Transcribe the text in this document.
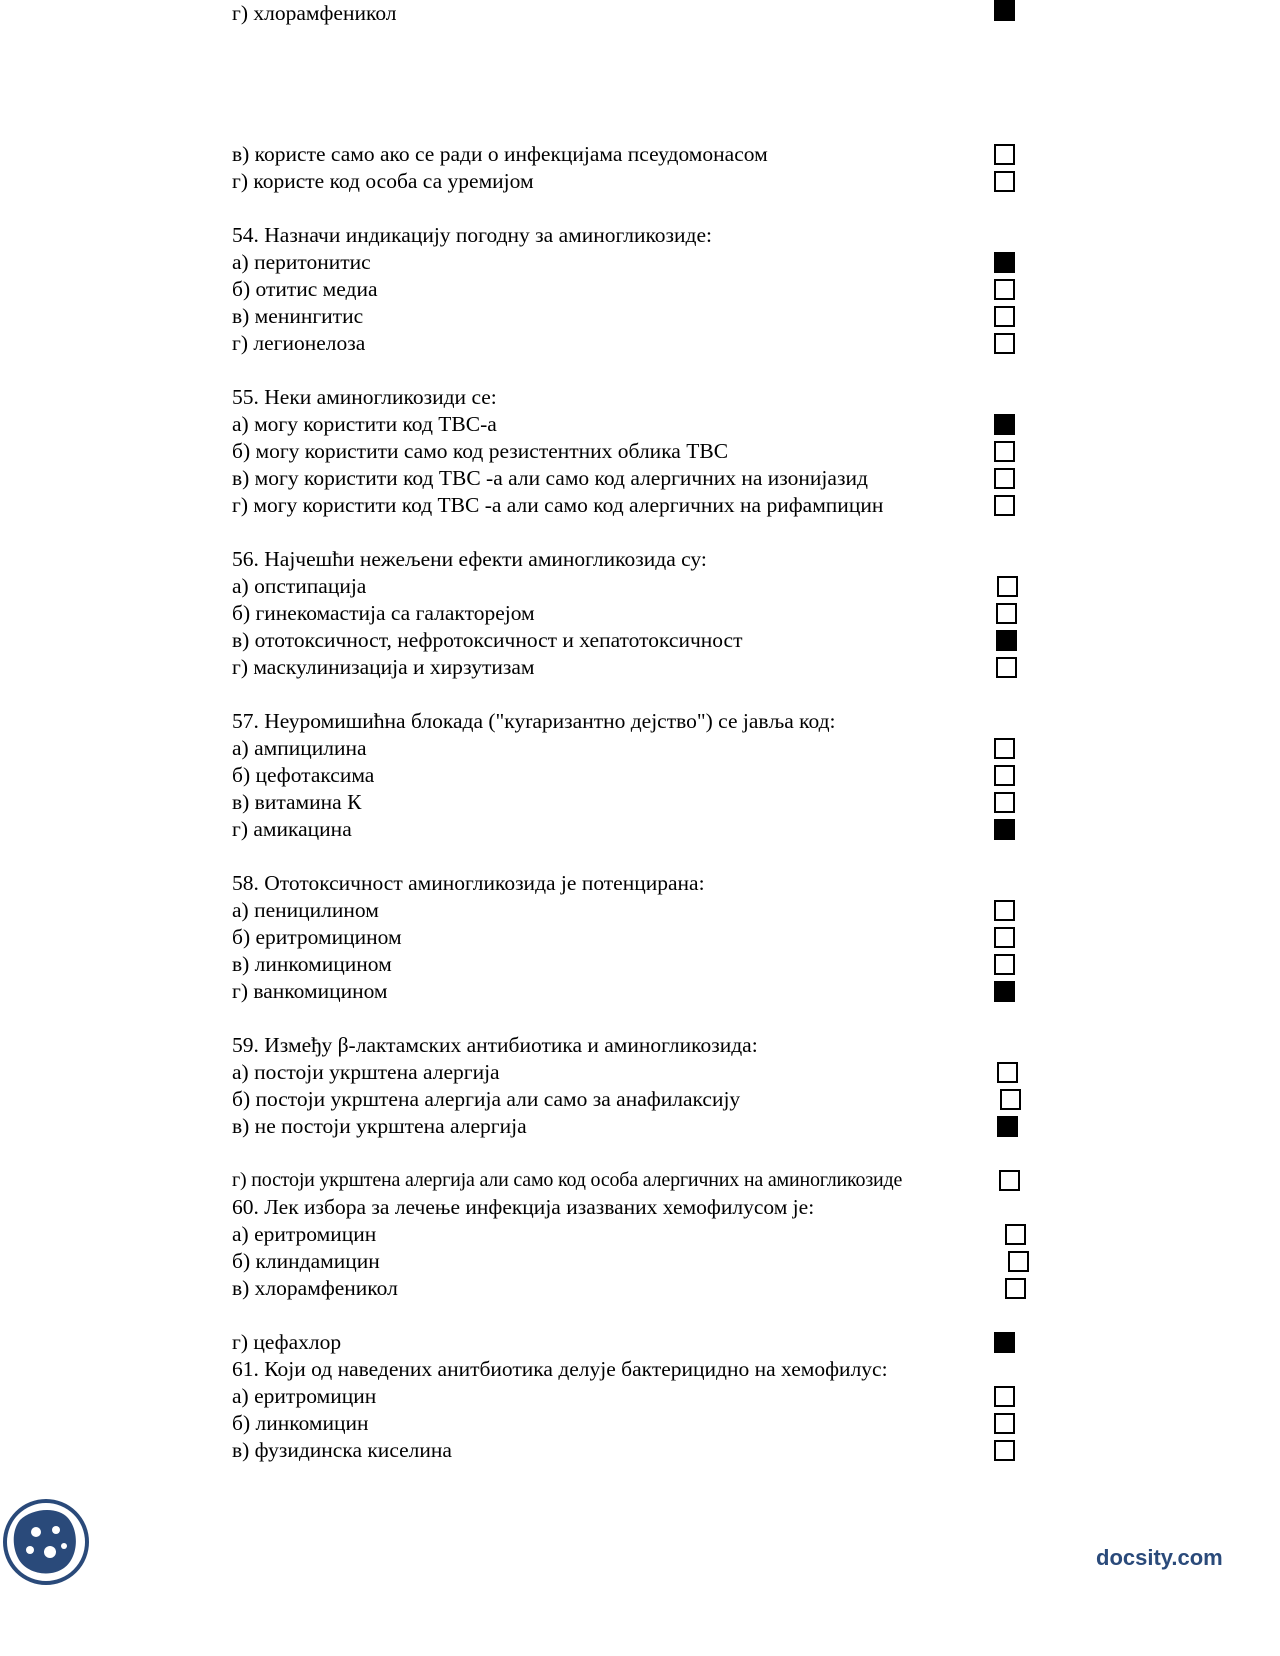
docsity.com
в) користе само ако се ради о инфекцијама псеудомонасом
г) користе код особа са уремијом
54. Назначи индикацију погодну за аминогликозиде:
а) перитонитис
б) отитис медиа
в) менингитис
г) легионелоза
55. Неки аминогликозиди се:
а) могу користити код ТВС-а
б) могу користити само код резистентних облика ТВС
в) могу користити код ТВС -а али само код алергичних на изонијазид
г) могу користити код ТВС -а али само код алергичних на рифампицин
56. Најчешћи нежељени ефекти аминогликозида су:
а) опстипација
б) гинекомастија са галакторејом
в) ототоксичност, нефротоксичност и хепатотоксичност
г) маскулинизација и хирзутизам
57. Неуромишићна блокада ("куraризантно дејство") се јавља код:
а) ампицилина
б) цефотаксима
в) витамина К
г) амикацина
58. Ототоксичност аминогликозида је потенцирана:
а) пеницилином
б) еритромицином
в) линкомицином
г) ванкомицином
59. Између β-лактамских антибиотика и аминогликозида:
а) постоји укрштена алергија
б) постоји укрштена алергија али само за анафилаксију
в) не постоји укрштена алергија
г) постоји укрштена алергија али само код особа алергичних на аминогликозиде
60. Лек избора за лечење инфекција изазваних хемофилусом је:
а) еритромицин
б) клиндамицин
в) хлорамфеникол
г) цефахлор
61. Који од наведених анитбиотика делује бактерицидно на хемофилус:
а) еритромицин
б) линкомицин
в) фузидинска киселина
г) хлорамфеникол
